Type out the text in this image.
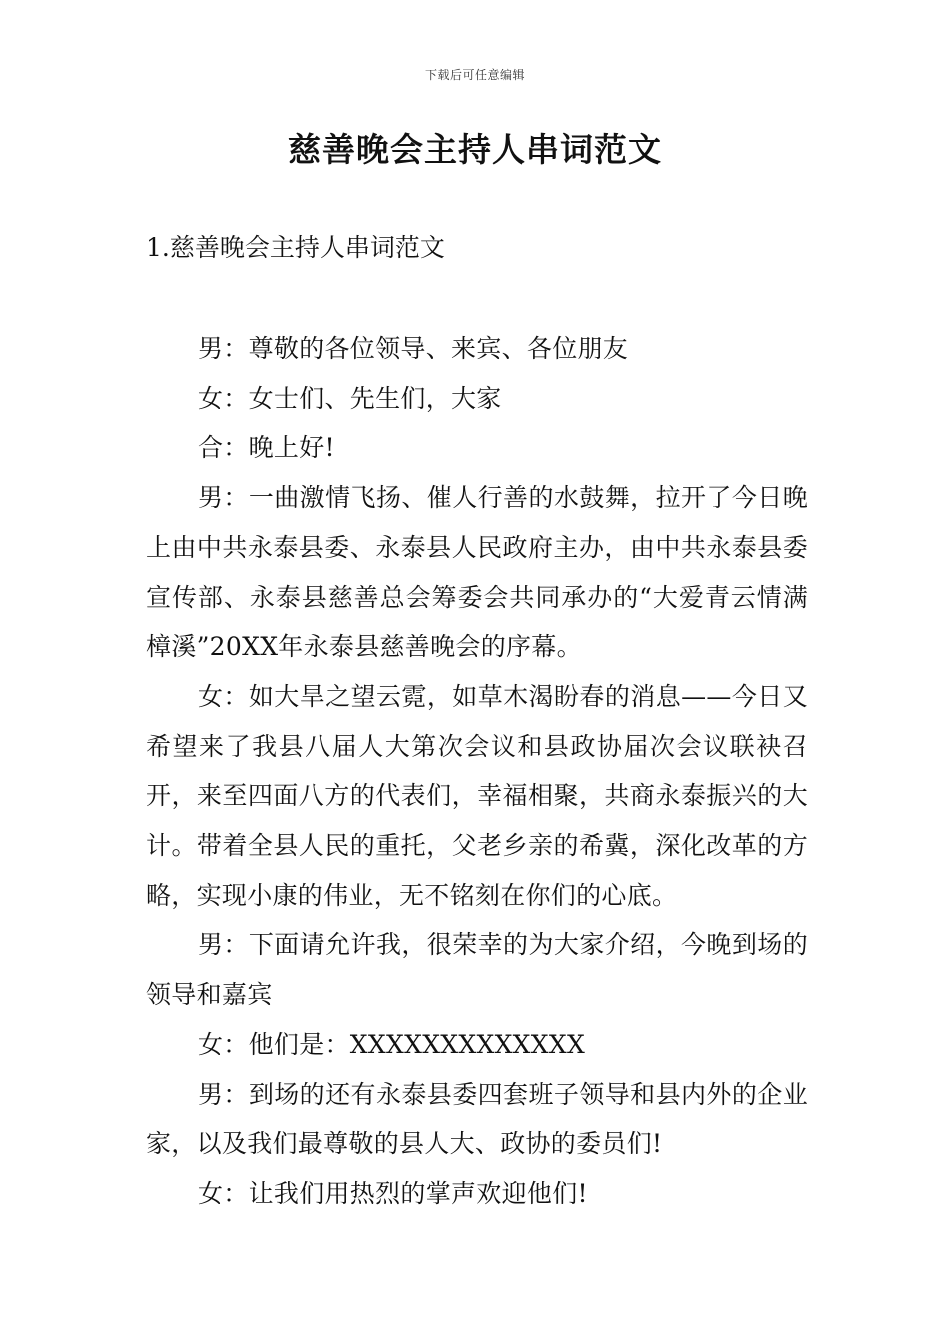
下载后可任意编辑
慈善晚会主持人串词范文
1.慈善晚会主持人串词范文

男：尊敬的各位领导、来宾、各位朋友

女：女士们、先生们，大家

合：晚上好!

男：一曲激情飞扬、催人行善的水鼓舞，拉开了今日晚上由中共永泰县委、永泰县人民政府主办，由中共永泰县委宣传部、永泰县慈善总会筹委会共同承办的“大爱青云情满樟溪”20XX年永泰县慈善晚会的序幕。

女：如大旱之望云霓，如草木渴盼春的消息——今日又希望来了我县八届人大第次会议和县政协届次会议联袂召开，来至四面八方的代表们，幸福相聚，共商永泰振兴的大计。带着全县人民的重托，父老乡亲的希冀，深化改革的方略，实现小康的伟业，无不铭刻在你们的心底。

男：下面请允许我，很荣幸的为大家介绍，今晚到场的领导和嘉宾

女：他们是：XXXXXXXXXXXXX

男：到场的还有永泰县委四套班子领导和县内外的企业家，以及我们最尊敬的县人大、政协的委员们!

女：让我们用热烈的掌声欢迎他们!
